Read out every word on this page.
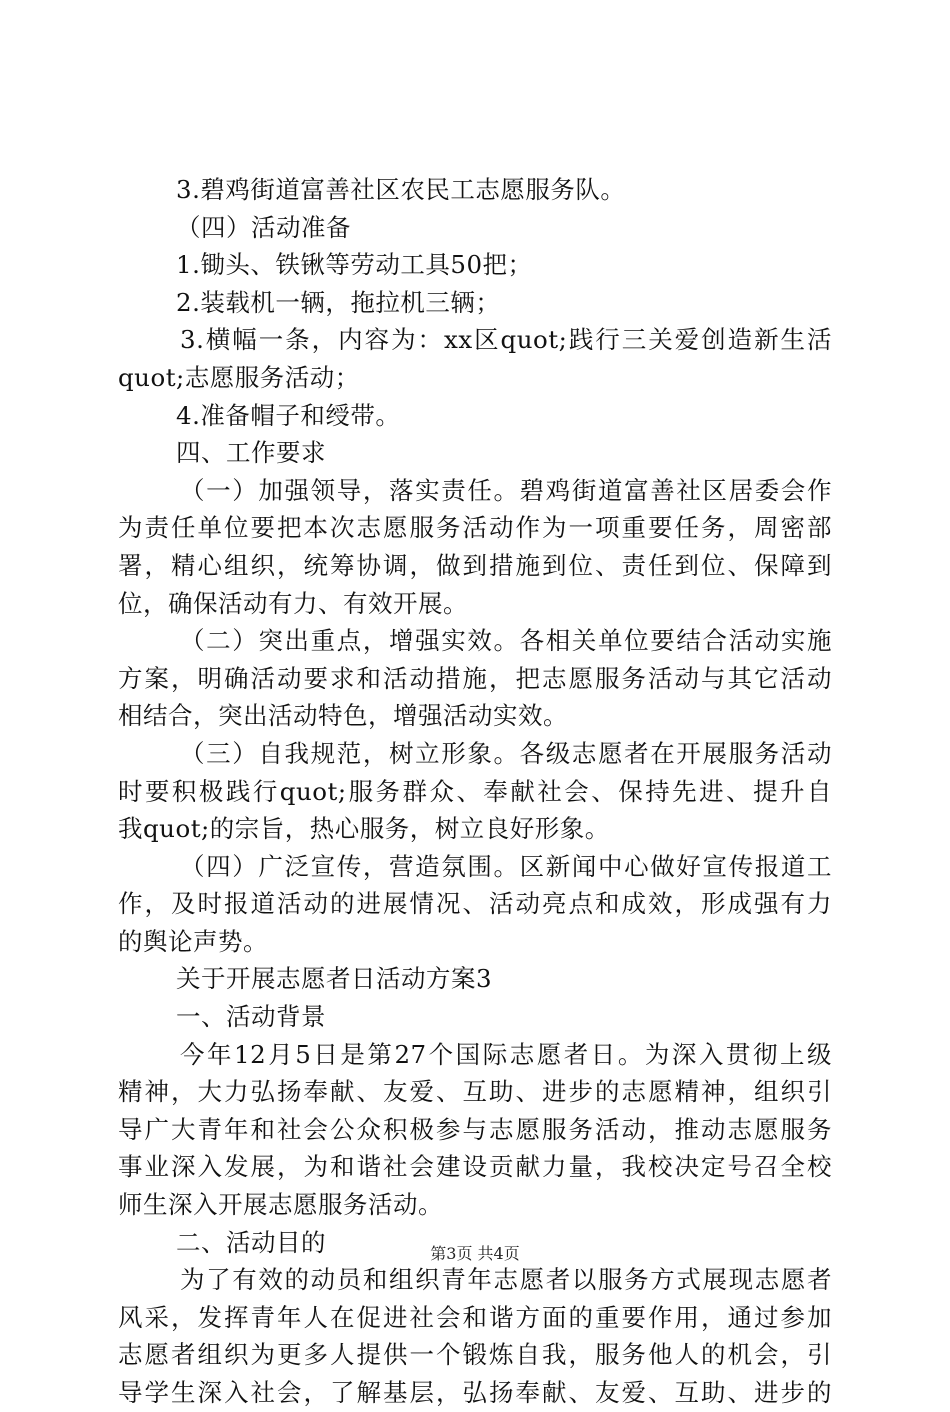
3.碧鸡街道富善社区农民工志愿服务队。
（四）活动准备
1.锄头、铁锹等劳动工具50把；
2.装载机一辆，拖拉机三辆；
3.横幅一条，内容为：xx区quot;践行三关爱创造新生活
quot;志愿服务活动；
4.准备帽子和绶带。
四、工作要求
（一）加强领导，落实责任。碧鸡街道富善社区居委会作
为责任单位要把本次志愿服务活动作为一项重要任务，周密部
署，精心组织，统筹协调，做到措施到位、责任到位、保障到
位，确保活动有力、有效开展。
（二）突出重点，增强实效。各相关单位要结合活动实施
方案，明确活动要求和活动措施，把志愿服务活动与其它活动
相结合，突出活动特色，增强活动实效。
（三）自我规范，树立形象。各级志愿者在开展服务活动
时要积极践行quot;服务群众、奉献社会、保持先进、提升自
我quot;的宗旨，热心服务，树立良好形象。
（四）广泛宣传，营造氛围。区新闻中心做好宣传报道工
作，及时报道活动的进展情况、活动亮点和成效，形成强有力
的舆论声势。
关于开展志愿者日活动方案3
一、活动背景
今年12月5日是第27个国际志愿者日。为深入贯彻上级
精神，大力弘扬奉献、友爱、互助、进步的志愿精神，组织引
导广大青年和社会公众积极参与志愿服务活动，推动志愿服务
事业深入发展，为和谐社会建设贡献力量，我校决定号召全校
师生深入开展志愿服务活动。
二、活动目的
为了有效的动员和组织青年志愿者以服务方式展现志愿者
风采，发挥青年人在促进社会和谐方面的重要作用，通过参加
志愿者组织为更多人提供一个锻炼自我，服务他人的机会，引
导学生深入社会，了解基层，弘扬奉献、友爱、互助、进步的
第3页 共4页
